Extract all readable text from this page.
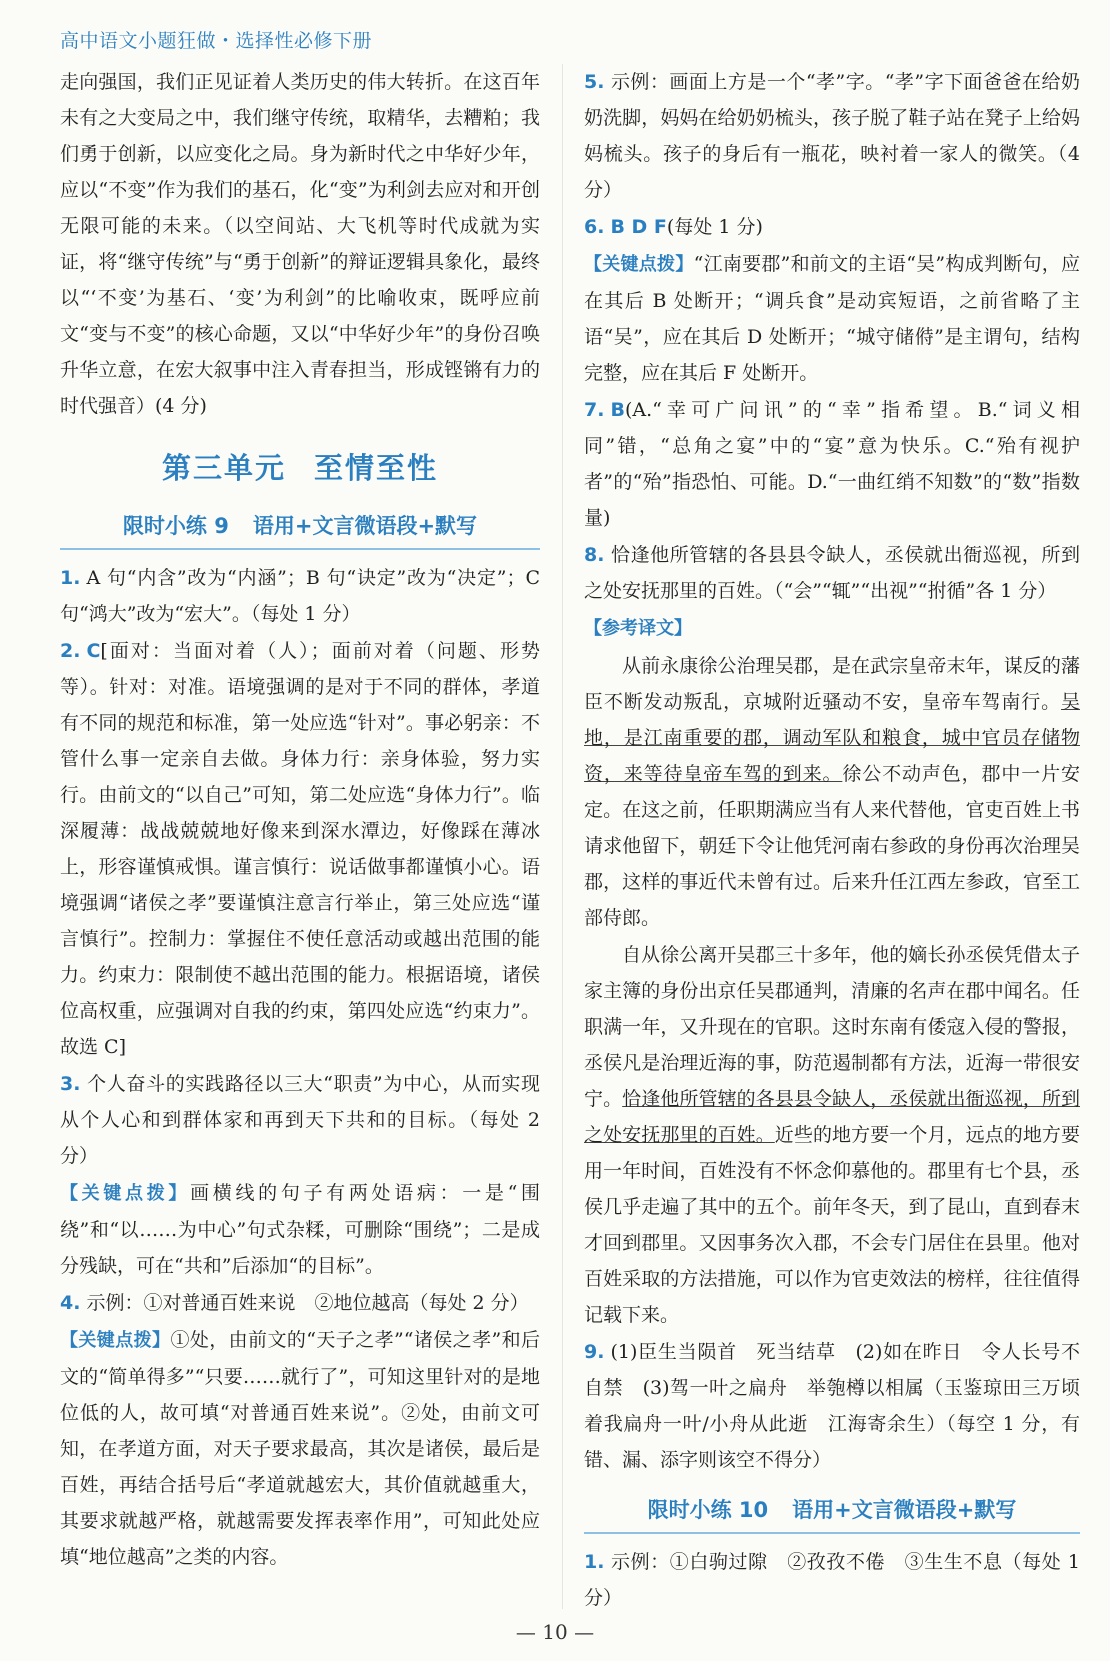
高中语文小题狂做・选择性必修下册

走向强国，我们正见证着人类历史的伟大转折。在这百年未有之大变局之中，我们继守传统，取精华，去糟粕；我们勇于创新，以应变化之局。身为新时代之中华好少年，应以“不变”作为我们的基石，化“变”为利剑去应对和开创无限可能的未来。（以空间站、大飞机等时代成就为实证，将“继守传统”与“勇于创新”的辩证逻辑具象化，最终以“‘不变’为基石、‘变’为利剑”的比喻收束，既呼应前文“变与不变”的核心命题，又以“中华好少年”的身份召唤升华立意，在宏大叙事中注入青春担当，形成铿锵有力的时代强音）(4 分)

第三单元 至情至性
限时小练 9 语用+文言微语段+默写

1. A 句“内含”改为“内涵”；B 句“诀定”改为“决定”；C 句“鸿大”改为“宏大”。（每处 1 分）

2. C[面对：当面对着（人）；面前对着（问题、形势等）。针对：对准。语境强调的是对于不同的群体，孝道有不同的规范和标准，第一处应选“针对”。事必躬亲：不管什么事一定亲自去做。身体力行：亲身体验，努力实行。由前文的“以自己”可知，第二处应选“身体力行”。临深履薄：战战兢兢地好像来到深水潭边，好像踩在薄冰上，形容谨慎戒惧。谨言慎行：说话做事都谨慎小心。语境强调“诸侯之孝”要谨慎注意言行举止，第三处应选“谨言慎行”。控制力：掌握住不使任意活动或越出范围的能力。约束力：限制使不越出范围的能力。根据语境，诸侯位高权重，应强调对自我的约束，第四处应选“约束力”。故选 C]

3. 个人奋斗的实践路径以三大“职责”为中心，从而实现从个人心和到群体家和再到天下共和的目标。（每处 2 分）

【关键点拨】画横线的句子有两处语病：一是“围绕”和“以……为中心”句式杂糅，可删除“围绕”；二是成分残缺，可在“共和”后添加“的目标”。

4. 示例：①对普通百姓来说　②地位越高（每处 2 分）

【关键点拨】①处，由前文的“天子之孝”“诸侯之孝”和后文的“简单得多”“只要……就行了”，可知这里针对的是地位低的人，故可填“对普通百姓来说”。②处，由前文可知，在孝道方面，对天子要求最高，其次是诸侯，最后是百姓，再结合括号后“孝道就越宏大，其价值就越重大，其要求就越严格，就越需要发挥表率作用”，可知此处应填“地位越高”之类的内容。

5. 示例：画面上方是一个“孝”字。“孝”字下面爸爸在给奶奶洗脚，妈妈在给奶奶梳头，孩子脱了鞋子站在凳子上给妈妈梳头。孩子的身后有一瓶花，映衬着一家人的微笑。（4 分）

6. B D F(每处 1 分)

【关键点拨】“江南要郡”和前文的主语“吴”构成判断句，应在其后 B 处断开；“调兵食”是动宾短语，之前省略了主语“吴”，应在其后 D 处断开；“城守储偫”是主谓句，结构完整，应在其后 F 处断开。

7. B(A.“幸可广问讯”的“幸”指希望。B.“词义相同”错，“总角之宴”中的“宴”意为快乐。C.“殆有视护者”的“殆”指恐怕、可能。D.“一曲红绡不知数”的“数”指数量)

8. 恰逢他所管辖的各县县令缺人，丞侯就出衙巡视，所到之处安抚那里的百姓。（“会”“辄”“出视”“拊循”各 1 分）

【参考译文】

从前永康徐公治理吴郡，是在武宗皇帝末年，谋反的藩臣不断发动叛乱，京城附近骚动不安，皇帝车驾南行。吴地，是江南重要的郡，调动军队和粮食，城中官员存储物资，来等待皇帝车驾的到来。徐公不动声色，郡中一片安定。在这之前，任职期满应当有人来代替他，官吏百姓上书请求他留下，朝廷下令让他凭河南右参政的身份再次治理吴郡，这样的事近代未曾有过。后来升任江西左参政，官至工部侍郎。

自从徐公离开吴郡三十多年，他的嫡长孙丞侯凭借太子家主簿的身份出京任吴郡通判，清廉的名声在郡中闻名。任职满一年，又升现在的官职。这时东南有倭寇入侵的警报，丞侯凡是治理近海的事，防范遏制都有方法，近海一带很安宁。恰逢他所管辖的各县县令缺人，丞侯就出衙巡视，所到之处安抚那里的百姓。近些的地方要一个月，远点的地方要用一年时间，百姓没有不怀念仰慕他的。郡里有七个县，丞侯几乎走遍了其中的五个。前年冬天，到了昆山，直到春末才回到郡里。又因事务次入郡，不会专门居住在县里。他对百姓采取的方法措施，可以作为官吏效法的榜样，往往值得记载下来。

9. (1)臣生当陨首　死当结草　(2)如在昨日　令人长号不自禁　(3)驾一叶之扁舟　举匏樽以相属（玉鉴琼田三万顷　着我扁舟一叶/小舟从此逝　江海寄余生）（每空 1 分，有错、漏、添字则该空不得分）

限时小练 10 语用+文言微语段+默写

1. 示例：①白驹过隙　②孜孜不倦　③生生不息（每处 1 分）

— 10 —
